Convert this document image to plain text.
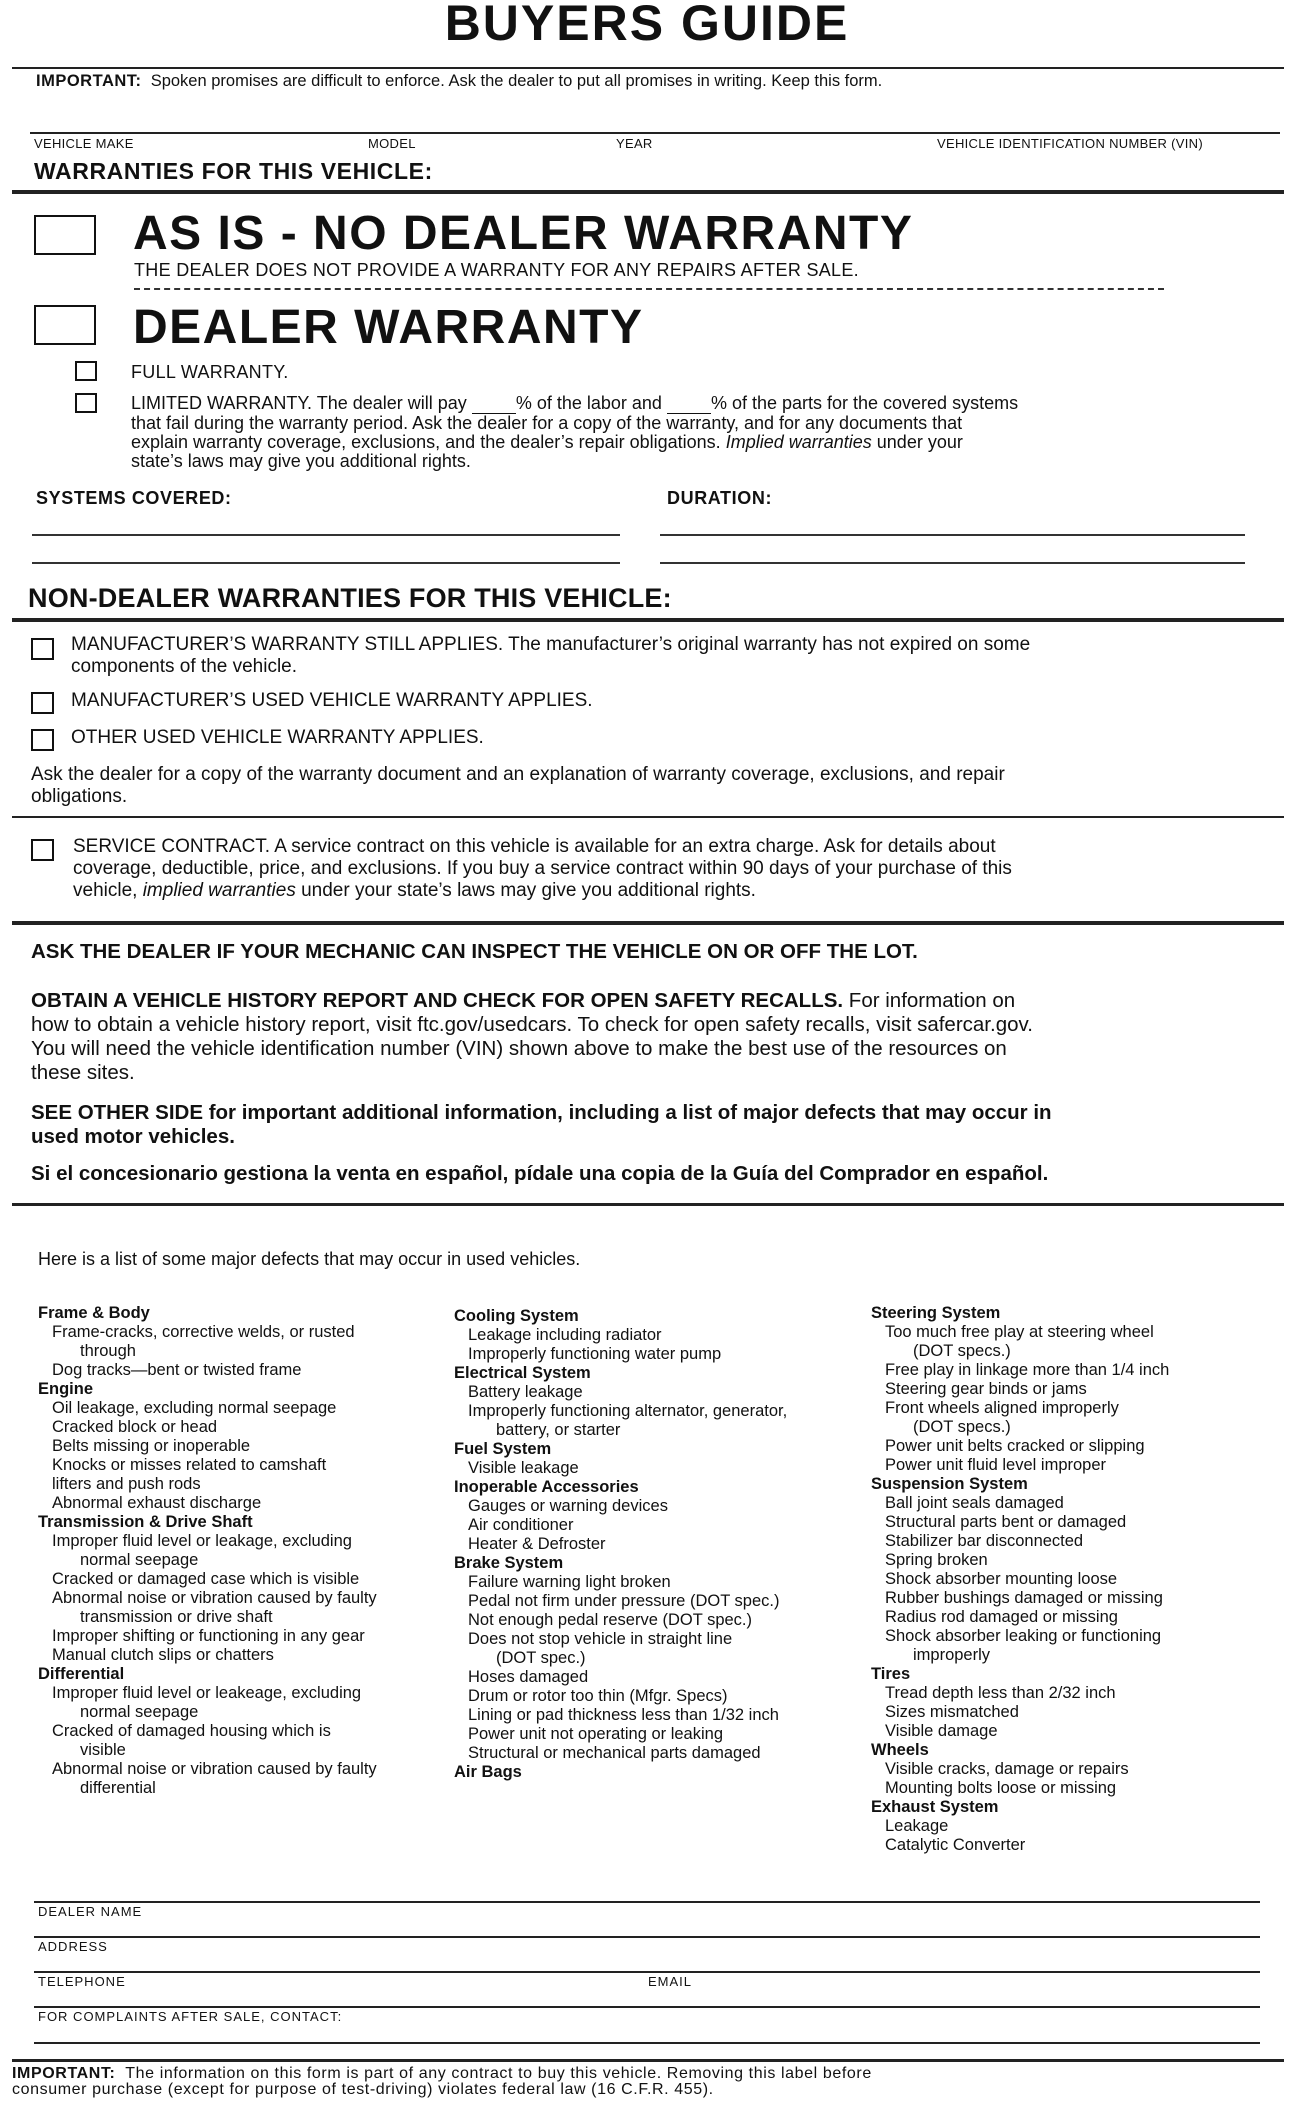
BUYERS GUIDE
IMPORTANT: Spoken promises are difficult to enforce. Ask the dealer to put all promises in writing. Keep this form.
VEHICLE MAKE	MODEL	YEAR	VEHICLE IDENTIFICATION NUMBER (VIN)
WARRANTIES FOR THIS VEHICLE:
AS IS - NO DEALER WARRANTY
THE DEALER DOES NOT PROVIDE A WARRANTY FOR ANY REPAIRS AFTER SALE.
DEALER WARRANTY
FULL WARRANTY.
LIMITED WARRANTY. The dealer will pay	% of the labor and	% of the parts for the covered systems
that fail during the warranty period. Ask the dealer for a copy of the warranty, and for any documents that
explain warranty coverage, exclusions, and the dealer’s repair obligations. Implied warranties under your
state’s laws may give you additional rights.
SYSTEMS COVERED:	DURATION:
NON-DEALER WARRANTIES FOR THIS VEHICLE:
MANUFACTURER’S WARRANTY STILL APPLIES. The manufacturer’s original warranty has not expired on some
components of the vehicle.
MANUFACTURER’S USED VEHICLE WARRANTY APPLIES.
OTHER USED VEHICLE WARRANTY APPLIES.
Ask the dealer for a copy of the warranty document and an explanation of warranty coverage, exclusions, and repair
obligations.
SERVICE CONTRACT. A service contract on this vehicle is available for an extra charge. Ask for details about
coverage, deductible, price, and exclusions. If you buy a service contract within 90 days of your purchase of this
vehicle, implied warranties under your state’s laws may give you additional rights.
ASK THE DEALER IF YOUR MECHANIC CAN INSPECT THE VEHICLE ON OR OFF THE LOT.
OBTAIN A VEHICLE HISTORY REPORT AND CHECK FOR OPEN SAFETY RECALLS. For information on
how to obtain a vehicle history report, visit ftc.gov/usedcars. To check for open safety recalls, visit safercar.gov.
You will need the vehicle identification number (VIN) shown above to make the best use of the resources on
these sites.
SEE OTHER SIDE for important additional information, including a list of major defects that may occur in
used motor vehicles.
Si el concesionario gestiona la venta en español, pídale una copia de la Guía del Comprador en español.
Here is a list of some major defects that may occur in used vehicles.
Frame & Body
Frame-cracks, corrective welds, or rusted
through
Dog tracks—bent or twisted frame
Engine
Oil leakage, excluding normal seepage
Cracked block or head
Belts missing or inoperable
Knocks or misses related to camshaft
lifters and push rods
Abnormal exhaust discharge
Transmission & Drive Shaft
Improper fluid level or leakage, excluding
normal seepage
Cracked or damaged case which is visible
Abnormal noise or vibration caused by faulty
transmission or drive shaft
Improper shifting or functioning in any gear
Manual clutch slips or chatters
Differential
Improper fluid level or leakeage, excluding
normal seepage
Cracked of damaged housing which is
visible
Abnormal noise or vibration caused by faulty
differential
Cooling System
Leakage including radiator
Improperly functioning water pump
Electrical System
Battery leakage
Improperly functioning alternator, generator,
battery, or starter
Fuel System
Visible leakage
Inoperable Accessories
Gauges or warning devices
Air conditioner
Heater & Defroster
Brake System
Failure warning light broken
Pedal not firm under pressure (DOT spec.)
Not enough pedal reserve (DOT spec.)
Does not stop vehicle in straight line
(DOT spec.)
Hoses damaged
Drum or rotor too thin (Mfgr. Specs)
Lining or pad thickness less than 1/32 inch
Power unit not operating or leaking
Structural or mechanical parts damaged
Air Bags
Steering System
Too much free play at steering wheel
(DOT specs.)
Free play in linkage more than 1/4 inch
Steering gear binds or jams
Front wheels aligned improperly
(DOT specs.)
Power unit belts cracked or slipping
Power unit fluid level improper
Suspension System
Ball joint seals damaged
Structural parts bent or damaged
Stabilizer bar disconnected
Spring broken
Shock absorber mounting loose
Rubber bushings damaged or missing
Radius rod damaged or missing
Shock absorber leaking or functioning
improperly
Tires
Tread depth less than 2/32 inch
Sizes mismatched
Visible damage
Wheels
Visible cracks, damage or repairs
Mounting bolts loose or missing
Exhaust System
Leakage
Catalytic Converter
DEALER NAME
ADDRESS
TELEPHONE	EMAIL
FOR COMPLAINTS AFTER SALE, CONTACT:
IMPORTANT: The information on this form is part of any contract to buy this vehicle. Removing this label before
consumer purchase (except for purpose of test-driving) violates federal law (16 C.F.R. 455).
